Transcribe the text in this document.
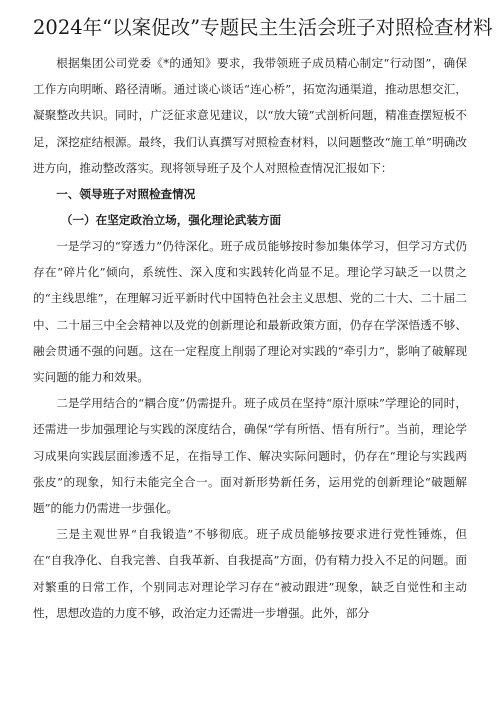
2024年“以案促改”专题民主生活会班子对照检查材料

根据集团公司党委《*的通知》要求，我带领班子成员精心制定“行动图”，确保工作方向明晰、路径清晰。通过谈心谈话“连心桥”，拓宽沟通渠道，推动思想交汇，凝聚整改共识。同时，广泛征求意见建议，以“放大镜”式剖析问题，精准查摆短板不足，深挖症结根源。最终，我们认真撰写对照检查材料，以问题整改“施工单”明确改进方向，推动整改落实。现将领导班子及个人对照检查情况汇报如下：

一、领导班子对照检查情况

（一）在坚定政治立场，强化理论武装方面

一是学习的“穿透力”仍待深化。班子成员能够按时参加集体学习，但学习方式仍存在“碎片化”倾向，系统性、深入度和实践转化尚显不足。理论学习缺乏一以贯之的“主线思维”，在理解习近平新时代中国特色社会主义思想、党的二十大、二十届二中、二十届三中全会精神以及党的创新理论和最新政策方面，仍存在学深悟透不够、融会贯通不强的问题。这在一定程度上削弱了理论对实践的“牵引力”，影响了破解现实问题的能力和效果。

二是学用结合的“耦合度”仍需提升。班子成员在坚持“原汁原味”学理论的同时，还需进一步加强理论与实践的深度结合，确保“学有所悟、悟有所行”。当前，理论学习成果向实践层面渗透不足，在指导工作、解决实际问题时，仍存在“理论与实践两张皮”的现象，知行未能完全合一。面对新形势新任务，运用党的创新理论“破题解题”的能力仍需进一步强化。

三是主观世界“自我锻造”不够彻底。班子成员能够按要求进行党性锤炼，但在“自我净化、自我完善、自我革新、自我提高”方面，仍有精力投入不足的问题。面对繁重的日常工作，个别同志对理论学习存在“被动跟进”现象，缺乏自觉性和主动性，思想改造的力度不够，政治定力还需进一步增强。此外，部分
